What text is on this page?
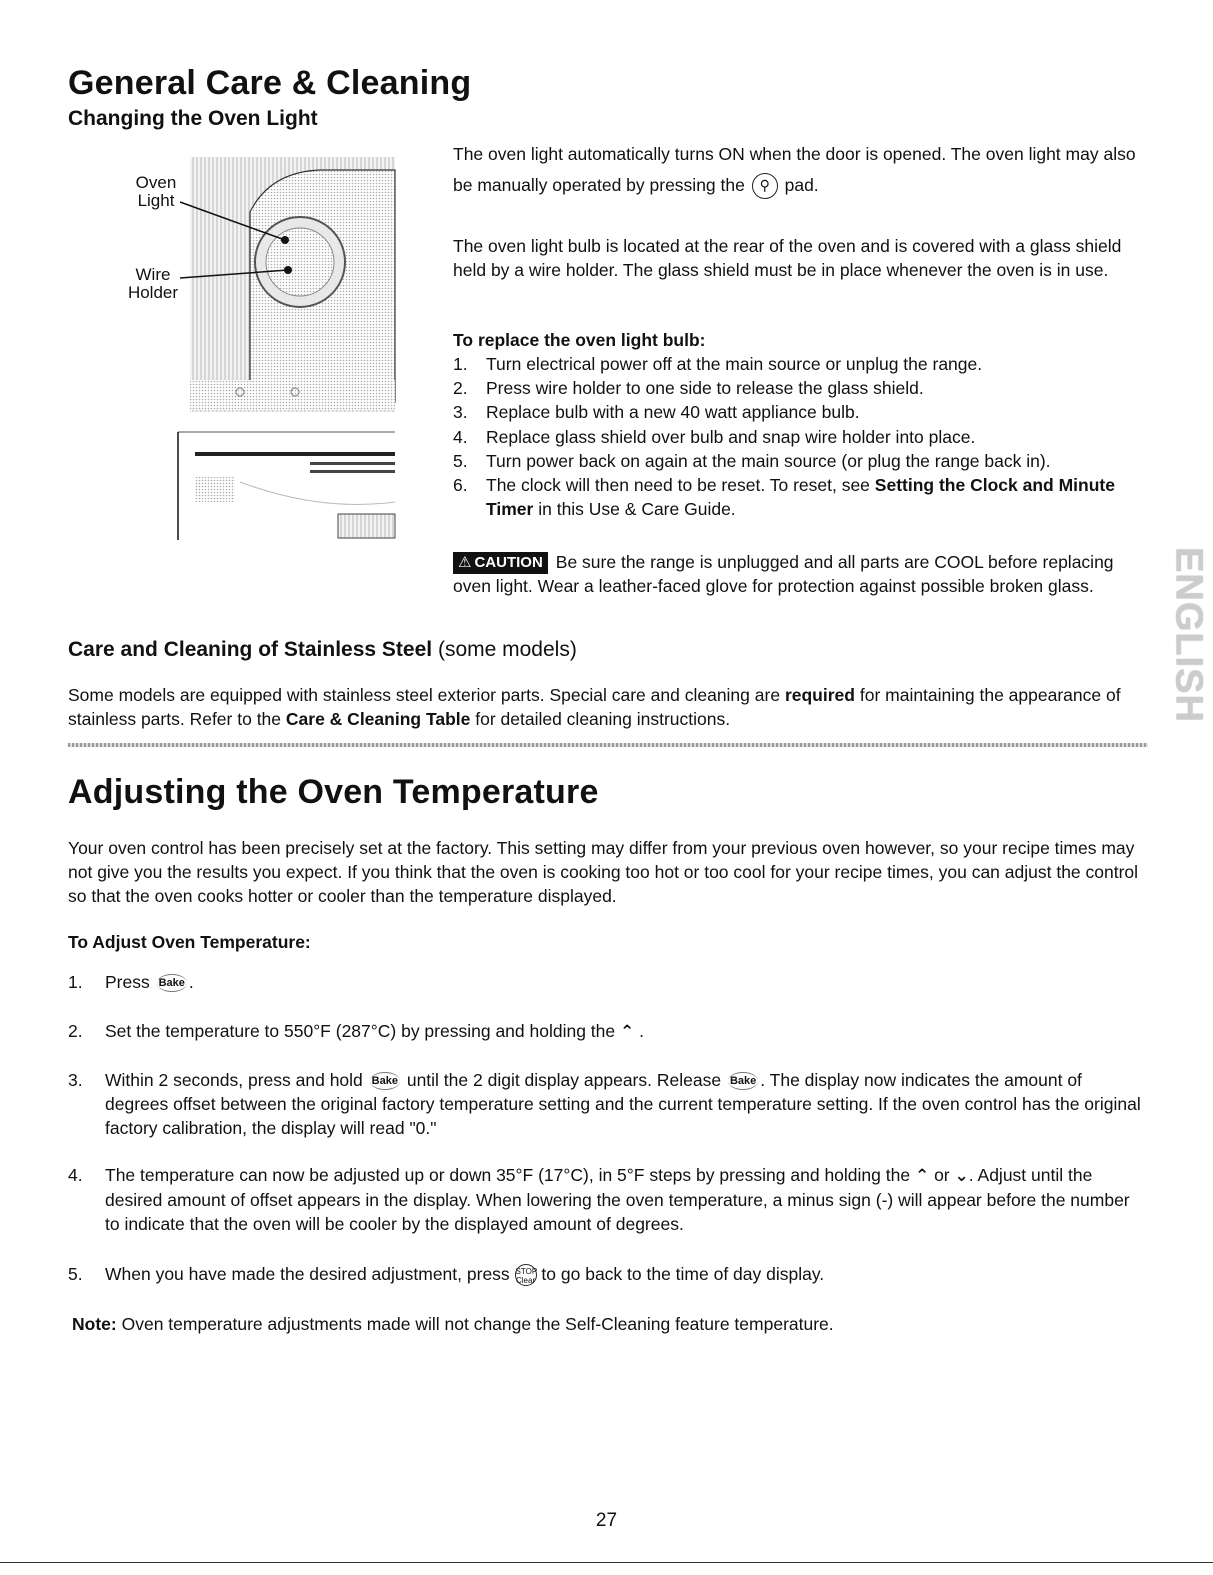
General Care & Cleaning
Changing the Oven Light
Oven Light
Wire Holder
The oven light automatically turns ON when the door is opened. The oven light may also be manually operated by pressing the ⚲ pad.

The oven light bulb is located at the rear of the oven and is covered with a glass shield held by a wire holder. The glass shield must be in place whenever the oven is in use.

To replace the oven light bulb:
1. Turn electrical power off at the main source or unplug the range.
2. Press wire holder to one side to release the glass shield.
3. Replace bulb with a new 40 watt appliance bulb.
4. Replace glass shield over bulb and snap wire holder into place.
5. Turn power back on again at the main source (or plug the range back in).
6. The clock will then need to be reset. To reset, see Setting the Clock and Minute Timer in this Use & Care Guide.
⚠ CAUTION Be sure the range is unplugged and all parts are COOL before replacing oven light. Wear a leather-faced glove for protection against possible broken glass.
Care and Cleaning of Stainless Steel (some models)

Some models are equipped with stainless steel exterior parts. Special care and cleaning are required for maintaining the appearance of stainless parts. Refer to the Care & Cleaning Table for detailed cleaning instructions.

Adjusting the Oven Temperature

Your oven control has been precisely set at the factory. This setting may differ from your previous oven however, so your recipe times may not give you the results you expect. If you think that the oven is cooking too hot or too cool for your recipe times, you can adjust the control so that the oven cooks hotter or cooler than the temperature displayed.

To Adjust Oven Temperature:
1. Press Bake .
2. Set the temperature to 550°F (287°C) by pressing and holding the ⌃ .
3. Within 2 seconds, press and hold Bake until the 2 digit display appears. Release Bake . The display now indicates the amount of degrees offset between the original factory temperature setting and the current temperature setting. If the oven control has the original factory calibration, the display will read "0."
4. The temperature can now be adjusted up or down 35°F (17°C), in 5°F steps by pressing and holding the ⌃ or ⌄. Adjust until the desired amount of offset appears in the display. When lowering the oven temperature, a minus sign (-) will appear before the number to indicate that the oven will be cooler by the displayed amount of degrees.
5. When you have made the desired adjustment, press STOP
Clear to go back to the time of day display.
Note: Oven temperature adjustments made will not change the Self-Cleaning feature temperature.
ENGLISH
27
